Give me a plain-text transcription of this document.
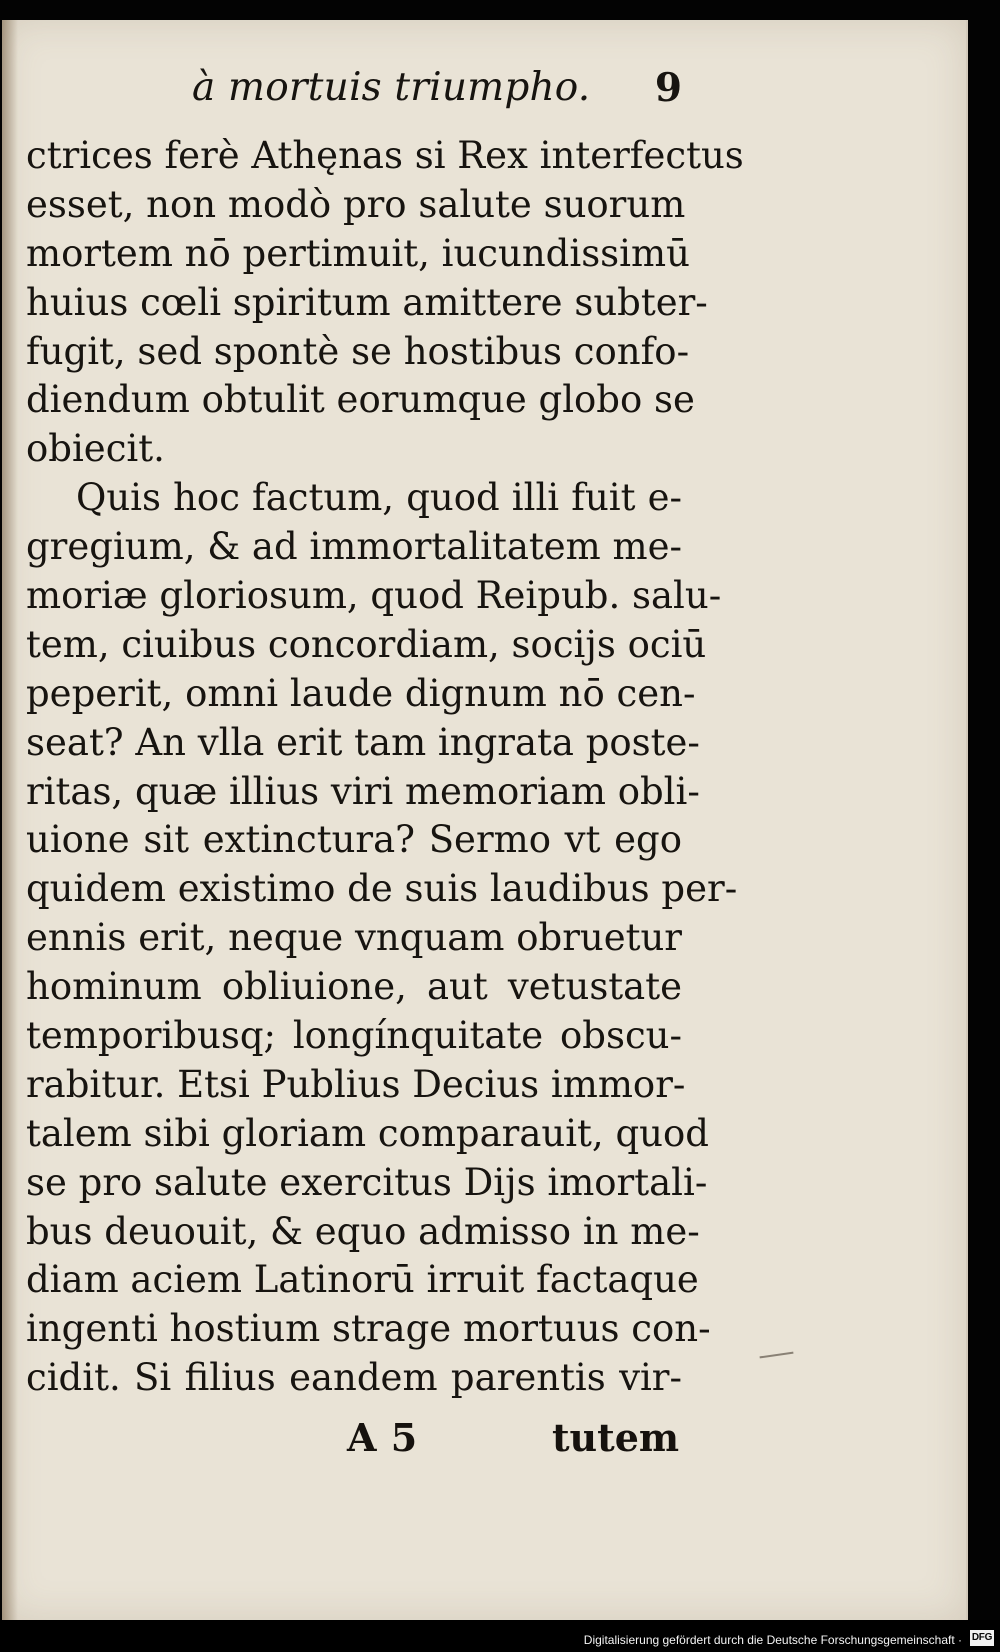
à mortuis triumpho. 9
ctrices ferè Athęnas si Rex interfectus
esset, non modò pro salute suorum
mortem nō pertimuit, iucundissimū
huius cœli spiritum amittere subter-
fugit, sed spontè se hostibus confo-
diendum obtulit eorumque globo se
obiecit.
Quis hoc factum, quod illi fuit e-
gregium, & ad immortalitatem me-
moriæ gloriosum, quod Reipub. salu-
tem, ciuibus concordiam, socijs ociū
peperit, omni laude dignum nō cen-
seat? An vlla erit tam ingrata poste-
ritas, quæ illius viri memoriam obli-
uione sit extinctura? Sermo vt ego
quidem existimo de suis laudibus per-
ennis erit, neque vnquam obruetur
hominum obliuione, aut vetustate
temporibusq; longínquitate obscu-
rabitur. Etsi Publius Decius immor-
talem sibi gloriam comparauit, quod
se pro salute exercitus Dijs imortali-
bus deuouit, & equo admisso in me-
diam aciem Latinorū irruit factaque
ingenti hostium strage mortuus con-
cidit. Si filius eandem parentis vir-
A 5	tutem
Digitalisierung gefördert durch die Deutsche Forschungsgemeinschaft · DFG
